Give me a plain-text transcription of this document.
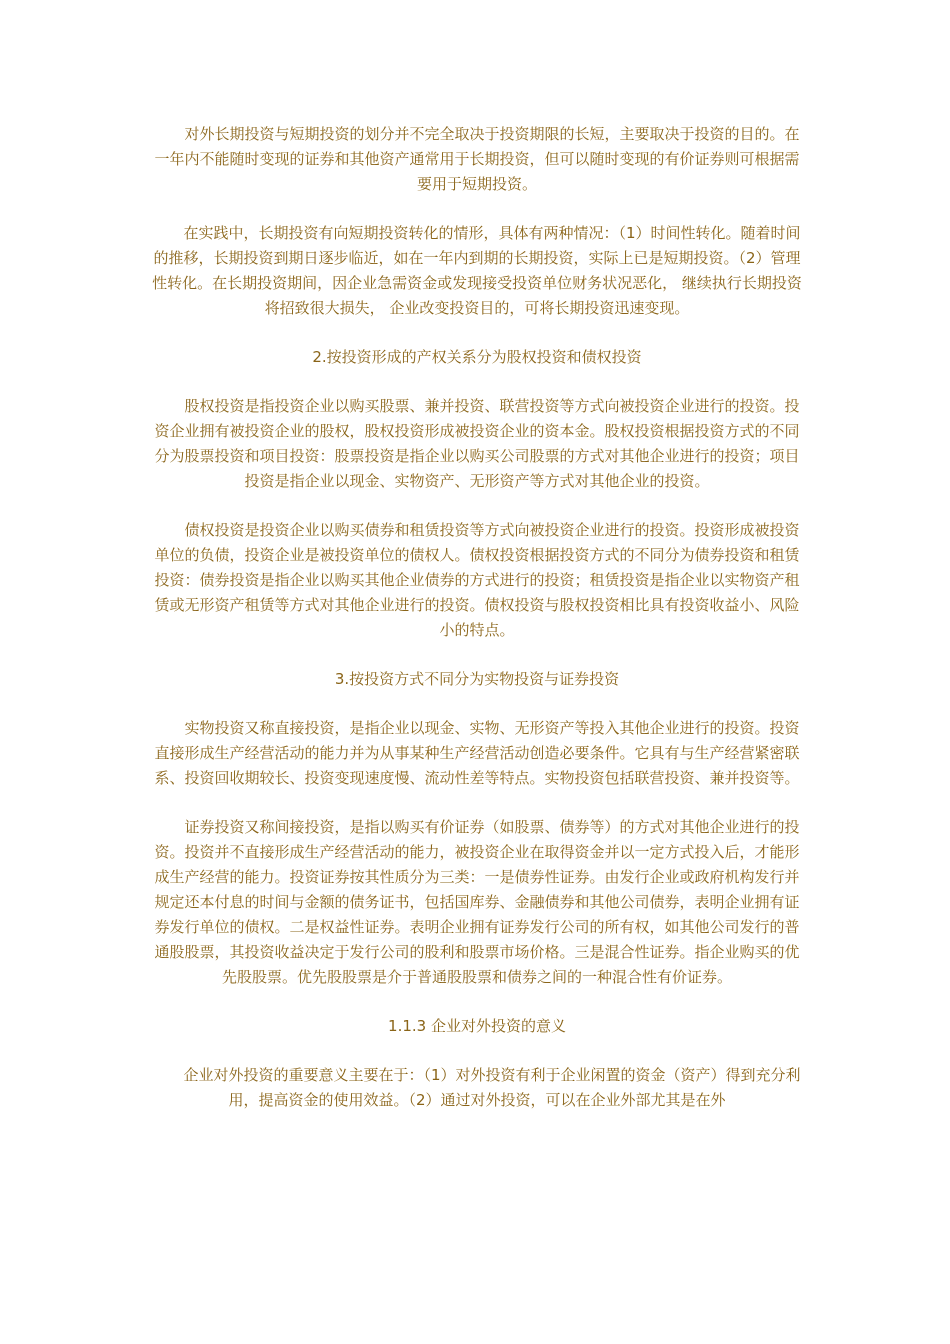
对外长期投资与短期投资的划分并不完全取决于投资期限的长短，主要取决于投资的目的。在一年内不能随时变现的证券和其他资产通常用于长期投资，但可以随时变现的有价证券则可根据需要用于短期投资。

在实践中，长期投资有向短期投资转化的情形，具体有两种情况：（1）时间性转化。随着时间的推移，长期投资到期日逐步临近，如在一年内到期的长期投资，实际上已是短期投资。（2）管理性转化。在长期投资期间，因企业急需资金或发现接受投资单位财务状况恶化， 继续执行长期投资将招致很大损失， 企业改变投资目的，可将长期投资迅速变现。

2.按投资形成的产权关系分为股权投资和债权投资

股权投资是指投资企业以购买股票、兼并投资、联营投资等方式向被投资企业进行的投资。投资企业拥有被投资企业的股权，股权投资形成被投资企业的资本金。股权投资根据投资方式的不同分为股票投资和项目投资：股票投资是指企业以购买公司股票的方式对其他企业进行的投资；项目投资是指企业以现金、实物资产、无形资产等方式对其他企业的投资。

债权投资是投资企业以购买债券和租赁投资等方式向被投资企业进行的投资。投资形成被投资单位的负债，投资企业是被投资单位的债权人。债权投资根据投资方式的不同分为债券投资和租赁投资：债券投资是指企业以购买其他企业债券的方式进行的投资；租赁投资是指企业以实物资产租赁或无形资产租赁等方式对其他企业进行的投资。债权投资与股权投资相比具有投资收益小、风险小的特点。

3.按投资方式不同分为实物投资与证券投资

实物投资又称直接投资，是指企业以现金、实物、无形资产等投入其他企业进行的投资。投资直接形成生产经营活动的能力并为从事某种生产经营活动创造必要条件。它具有与生产经营紧密联系、投资回收期较长、投资变现速度慢、流动性差等特点。实物投资包括联营投资、兼并投资等。

证券投资又称间接投资，是指以购买有价证券（如股票、债券等）的方式对其他企业进行的投资。投资并不直接形成生产经营活动的能力，被投资企业在取得资金并以一定方式投入后，才能形成生产经营的能力。投资证券按其性质分为三类：一是债券性证券。由发行企业或政府机构发行并规定还本付息的时间与金额的债务证书，包括国库券、金融债券和其他公司债券，表明企业拥有证券发行单位的债权。二是权益性证券。表明企业拥有证券发行公司的所有权，如其他公司发行的普通股股票，其投资收益决定于发行公司的股利和股票市场价格。三是混合性证券。指企业购买的优先股股票。优先股股票是介于普通股股票和债券之间的一种混合性有价证券。

1.1.3 企业对外投资的意义

企业对外投资的重要意义主要在于：（1）对外投资有利于企业闲置的资金（资产）得到充分利用，提高资金的使用效益。（2）通过对外投资，可以在企业外部尤其是在外
